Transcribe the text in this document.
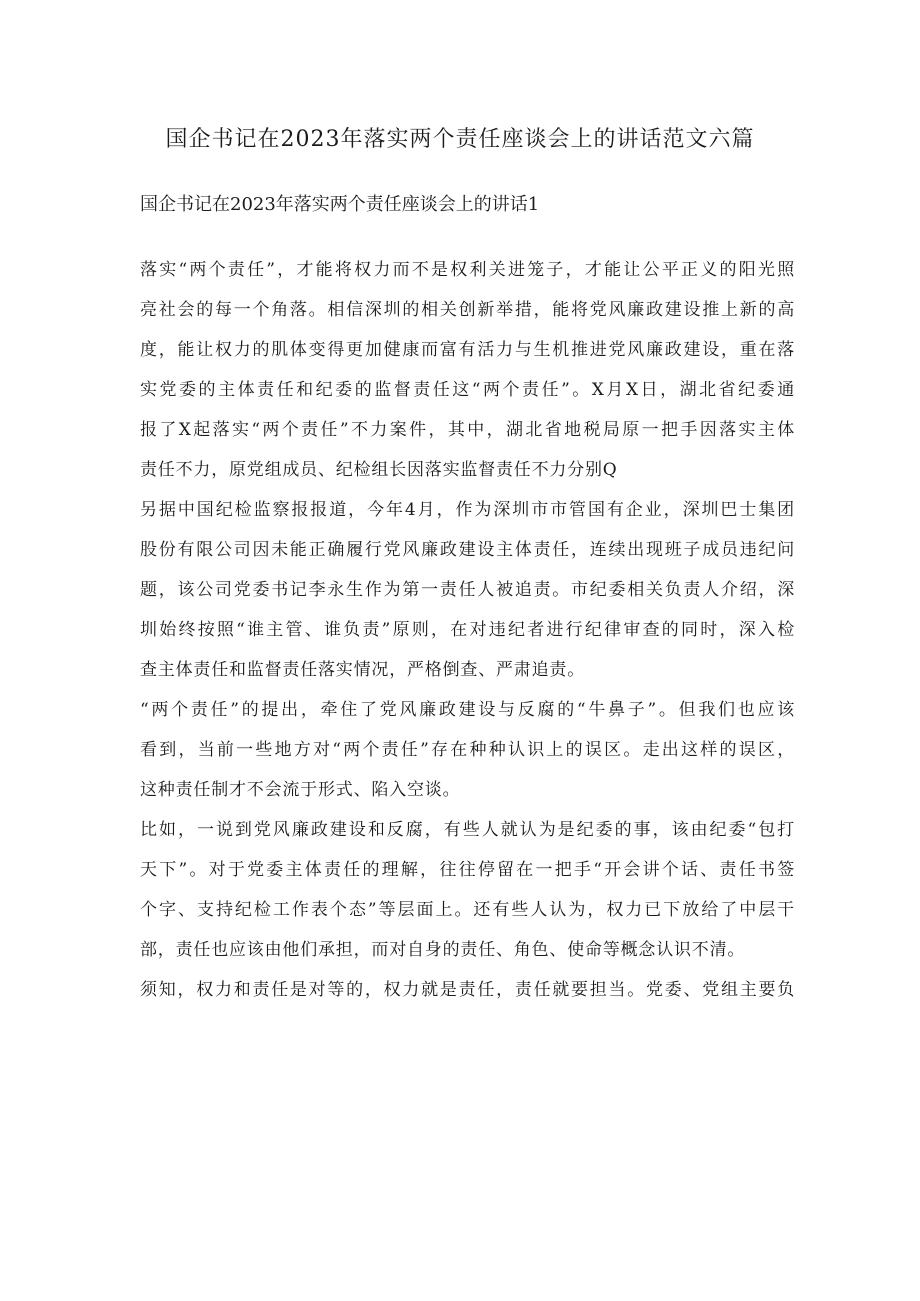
国企书记在2023年落实两个责任座谈会上的讲话范文六篇
国企书记在2023年落实两个责任座谈会上的讲话1

落实“两个责任”，才能将权力而不是权利关进笼子，才能让公平正义的阳光照
亮社会的每一个角落。相信深圳的相关创新举措，能将党风廉政建设推上新的高
度，能让权力的肌体变得更加健康而富有活力与生机推进党风廉政建设，重在落
实党委的主体责任和纪委的监督责任这“两个责任”。X月X日，湖北省纪委通
报了X起落实“两个责任”不力案件，其中，湖北省地税局原一把手因落实主体
责任不力，原党组成员、纪检组长因落实监督责任不力分别Q

另据中国纪检监察报报道，今年4月，作为深圳市市管国有企业，深圳巴士集团
股份有限公司因未能正确履行党风廉政建设主体责任，连续出现班子成员违纪问
题，该公司党委书记李永生作为第一责任人被追责。市纪委相关负责人介绍，深
圳始终按照“谁主管、谁负责”原则，在对违纪者进行纪律审查的同时，深入检
查主体责任和监督责任落实情况，严格倒查、严肃追责。

“两个责任”的提出，牵住了党风廉政建设与反腐的“牛鼻子”。但我们也应该
看到，当前一些地方对“两个责任”存在种种认识上的误区。走出这样的误区，
这种责任制才不会流于形式、陷入空谈。

比如，一说到党风廉政建设和反腐，有些人就认为是纪委的事，该由纪委“包打
天下”。对于党委主体责任的理解，往往停留在一把手“开会讲个话、责任书签
个字、支持纪检工作表个态”等层面上。还有些人认为，权力已下放给了中层干
部，责任也应该由他们承担，而对自身的责任、角色、使命等概念认识不清。

须知，权力和责任是对等的，权力就是责任，责任就要担当。党委、党组主要负
